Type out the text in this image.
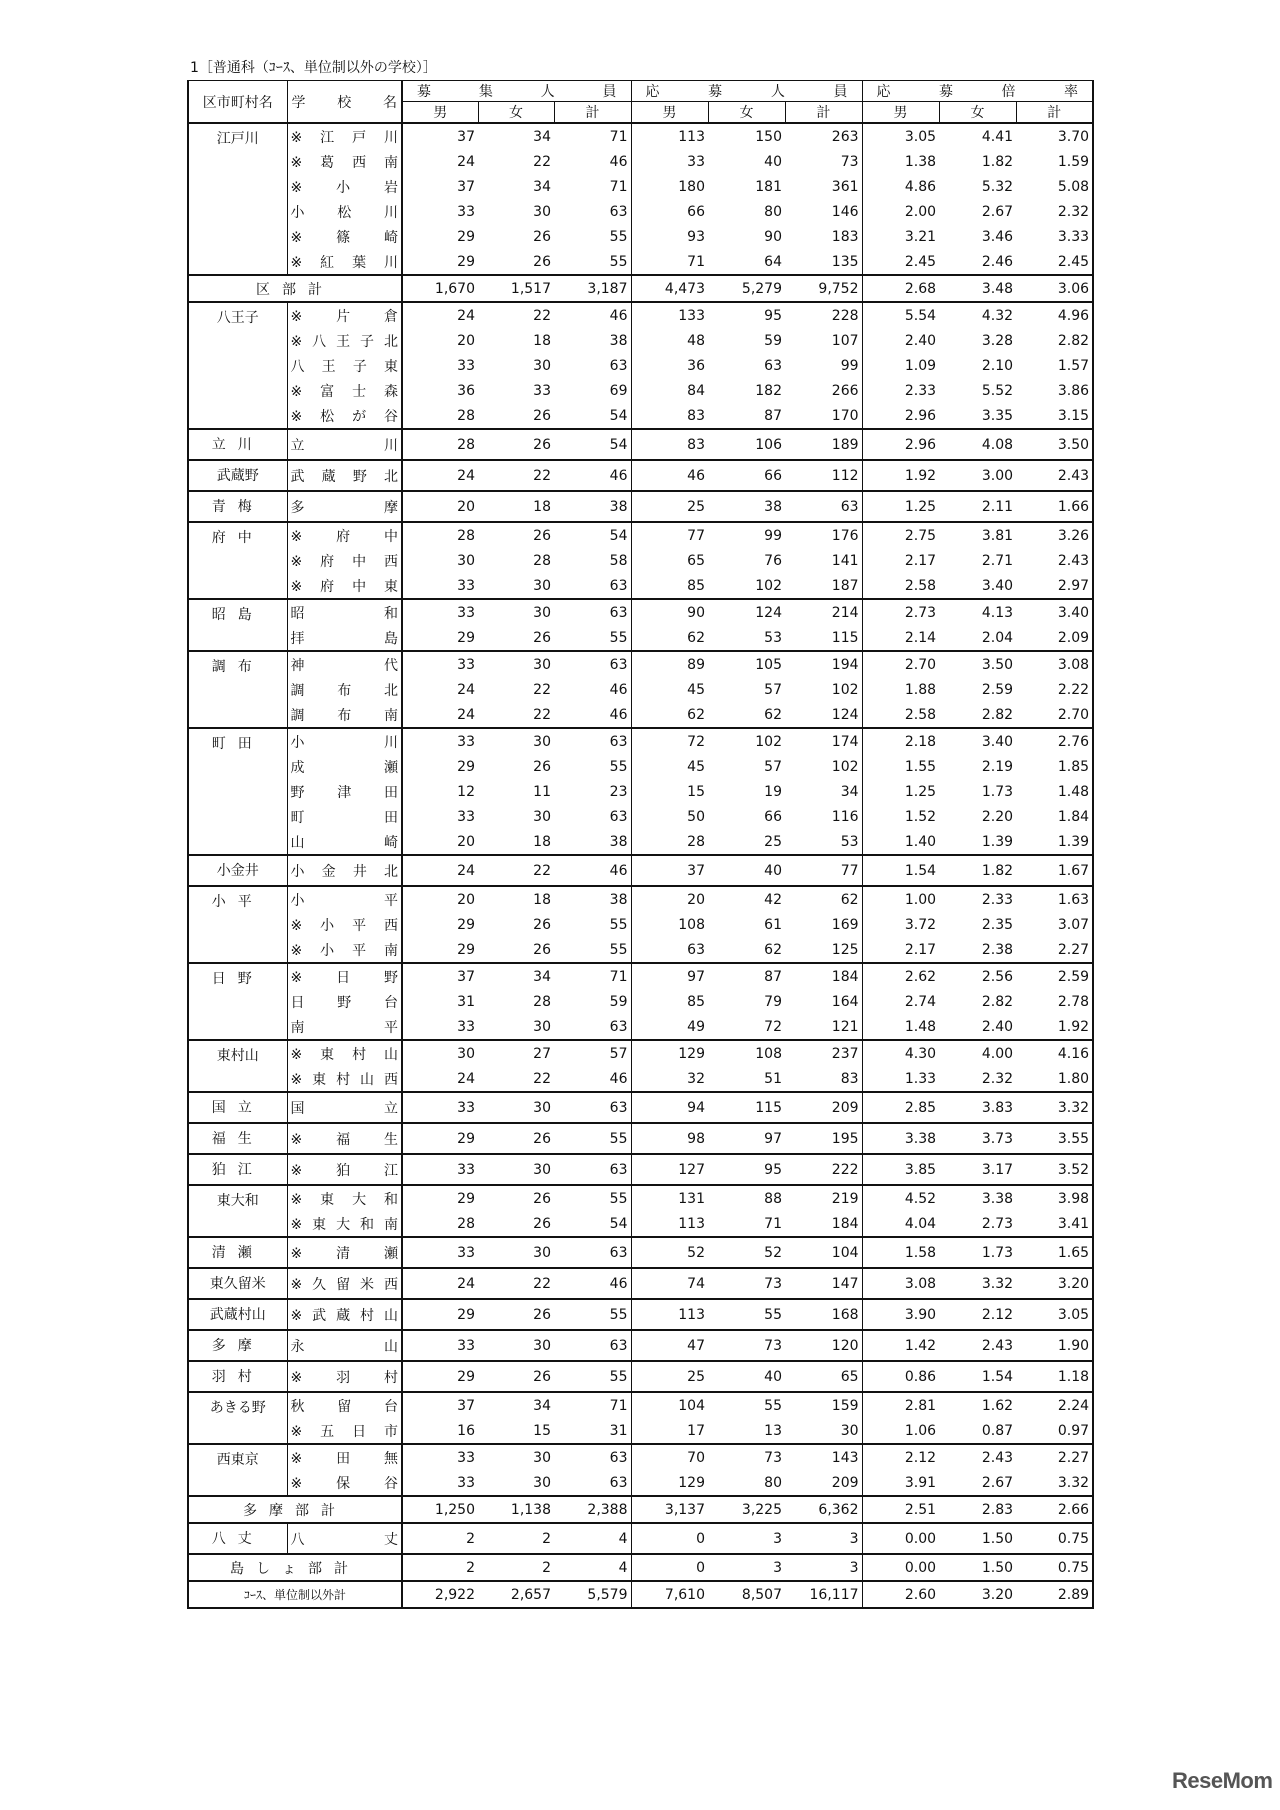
1［普通科（ｺｰｽ、単位制以外の学校）］
区市町村名	学校名	募集人員			応募人員			応募倍率		
		男	女	計	男	女	計	男	女	計
江戸川	※江戸川	37	34	71	113	150	263	3.05	4.41	3.70

	※葛西南	24	22	46	33	40	73	1.38	1.82	1.59

	※小岩	37	34	71	180	181	361	4.86	5.32	5.08

	小松川	33	30	63	66	80	146	2.00	2.67	2.32

	※篠崎	29	26	55	93	90	183	3.21	3.46	3.33

	※紅葉川	29	26	55	71	64	135	2.45	2.46	2.45
区部計		1,670	1,517	3,187	4,473	5,279	9,752	2.68	3.48	3.06
八王子	※片倉	24	22	46	133	95	228	5.54	4.32	4.96

	※八王子北	20	18	38	48	59	107	2.40	3.28	2.82

	八王子東	33	30	63	36	63	99	1.09	2.10	1.57

	※富士森	36	33	69	84	182	266	2.33	5.52	3.86

	※松が谷	28	26	54	83	87	170	2.96	3.35	3.15
立川	立川	28	26	54	83	106	189	2.96	4.08	3.50
武蔵野	武蔵野北	24	22	46	46	66	112	1.92	3.00	2.43
青梅	多摩	20	18	38	25	38	63	1.25	2.11	1.66
府中	※府中	28	26	54	77	99	176	2.75	3.81	3.26

	※府中西	30	28	58	65	76	141	2.17	2.71	2.43

	※府中東	33	30	63	85	102	187	2.58	3.40	2.97
昭島	昭和	33	30	63	90	124	214	2.73	4.13	3.40

	拝島	29	26	55	62	53	115	2.14	2.04	2.09
調布	神代	33	30	63	89	105	194	2.70	3.50	3.08

	調布北	24	22	46	45	57	102	1.88	2.59	2.22

	調布南	24	22	46	62	62	124	2.58	2.82	2.70
町田	小川	33	30	63	72	102	174	2.18	3.40	2.76

	成瀬	29	26	55	45	57	102	1.55	2.19	1.85

	野津田	12	11	23	15	19	34	1.25	1.73	1.48

	町田	33	30	63	50	66	116	1.52	2.20	1.84

	山崎	20	18	38	28	25	53	1.40	1.39	1.39
小金井	小金井北	24	22	46	37	40	77	1.54	1.82	1.67
小平	小平	20	18	38	20	42	62	1.00	2.33	1.63

	※小平西	29	26	55	108	61	169	3.72	2.35	3.07

	※小平南	29	26	55	63	62	125	2.17	2.38	2.27
日野	※日野	37	34	71	97	87	184	2.62	2.56	2.59

	日野台	31	28	59	85	79	164	2.74	2.82	2.78

	南平	33	30	63	49	72	121	1.48	2.40	1.92
東村山	※東村山	30	27	57	129	108	237	4.30	4.00	4.16

	※東村山西	24	22	46	32	51	83	1.33	2.32	1.80
国立	国立	33	30	63	94	115	209	2.85	3.83	3.32
福生	※福生	29	26	55	98	97	195	3.38	3.73	3.55
狛江	※狛江	33	30	63	127	95	222	3.85	3.17	3.52
東大和	※東大和	29	26	55	131	88	219	4.52	3.38	3.98

	※東大和南	28	26	54	113	71	184	4.04	2.73	3.41
清瀬	※清瀬	33	30	63	52	52	104	1.58	1.73	1.65
東久留米	※久留米西	24	22	46	74	73	147	3.08	3.32	3.20
武蔵村山	※武蔵村山	29	26	55	113	55	168	3.90	2.12	3.05
多摩	永山	33	30	63	47	73	120	1.42	2.43	1.90
羽村	※羽村	29	26	55	25	40	65	0.86	1.54	1.18
あきる野	秋留台	37	34	71	104	55	159	2.81	1.62	2.24

	※五日市	16	15	31	17	13	30	1.06	0.87	0.97
西東京	※田無	33	30	63	70	73	143	2.12	2.43	2.27

	※保谷	33	30	63	129	80	209	3.91	2.67	3.32
多摩部計		1,250	1,138	2,388	3,137	3,225	6,362	2.51	2.83	2.66
八丈	八丈	2	2	4	0	3	3	0.00	1.50	0.75
島しょ部計		2	2	4	0	3	3	0.00	1.50	0.75
ｺｰｽ、単位制以外計		2,922	2,657	5,579	7,610	8,507	16,117	2.60	3.20	2.89
ReseMom
